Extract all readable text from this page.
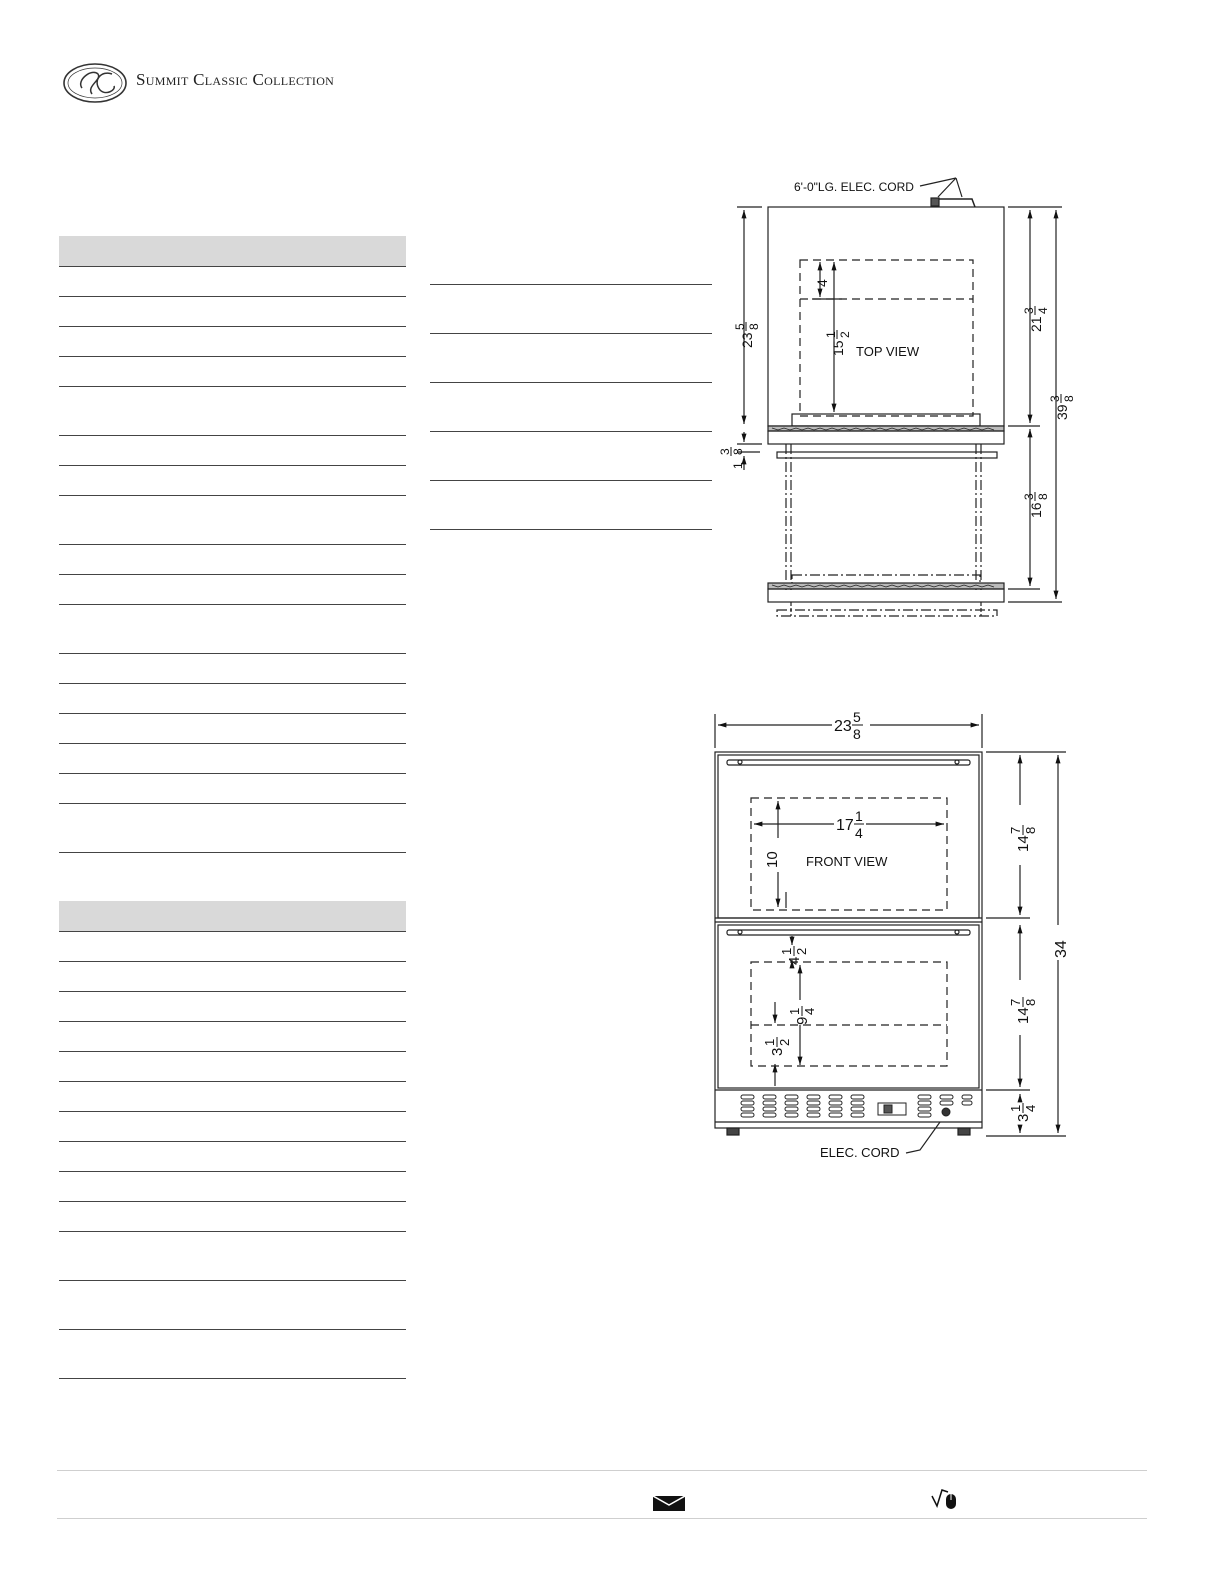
Summit Classic Collection
6'-0"LG. ELEC. CORD
TOP VIEW
23
5 8
4
15
1 2
3 8
1
21
3 4
16
3 8
39
3 8
FRONT VIEW
ELEC. CORD
23
5
8
17
1
4
10
4
1 2
9
1 4
3
1 2
14
7 8
14
7 8
34
3
1 4
